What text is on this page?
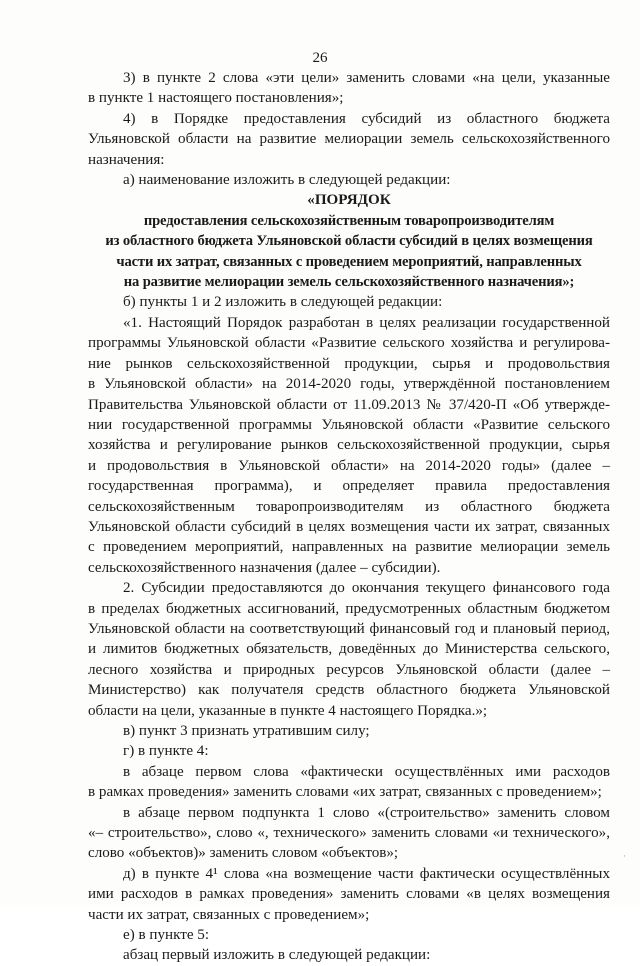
26
3) в пункте 2 слова «эти цели» заменить словами «на цели, указанные
в пункте 1 настоящего постановления»;
4) в Порядке предоставления субсидий из областного бюджета
Ульяновской области на развитие мелиорации земель сельскохозяйственного
назначения:
а) наименование изложить в следующей редакции:
«ПОРЯДОК
предоставления сельскохозяйственным товаропроизводителям
из областного бюджета Ульяновской области субсидий в целях возмещения
части их затрат, связанных с проведением мероприятий, направленных
на развитие мелиорации земель сельскохозяйственного назначения»;
б) пункты 1 и 2 изложить в следующей редакции:
«1. Настоящий Порядок разработан в целях реализации государственной
программы Ульяновской области «Развитие сельского хозяйства и регулирова-
ние рынков сельскохозяйственной продукции, сырья и продовольствия
в Ульяновской области» на 2014-2020 годы, утверждённой постановлением
Правительства Ульяновской области от 11.09.2013 № 37/420-П «Об утвержде-
нии государственной программы Ульяновской области «Развитие сельского
хозяйства и регулирование рынков сельскохозяйственной продукции, сырья
и продовольствия в Ульяновской области» на 2014-2020 годы» (далее –
государственная программа), и определяет правила предоставления
сельскохозяйственным товаропроизводителям из областного бюджета
Ульяновской области субсидий в целях возмещения части их затрат, связанных
с проведением мероприятий, направленных на развитие мелиорации земель
сельскохозяйственного назначения (далее – субсидии).
2. Субсидии предоставляются до окончания текущего финансового года
в пределах бюджетных ассигнований, предусмотренных областным бюджетом
Ульяновской области на соответствующий финансовый год и плановый период,
и лимитов бюджетных обязательств, доведённых до Министерства сельского,
лесного хозяйства и природных ресурсов Ульяновской области (далее –
Министерство) как получателя средств областного бюджета Ульяновской
области на цели, указанные в пункте 4 настоящего Порядка.»;
в) пункт 3 признать утратившим силу;
г) в пункте 4:
в абзаце первом слова «фактически осуществлённых ими расходов
в рамках проведения» заменить словами «их затрат, связанных с проведением»;
в абзаце первом подпункта 1 слово «(строительство» заменить словом
«– строительство», слово «, технического» заменить словами «и технического»,
слово «объектов)» заменить словом «объектов»;
д) в пункте 4¹ слова «на возмещение части фактически осуществлённых
ими расходов в рамках проведения» заменить словами «в целях возмещения
части их затрат, связанных с проведением»;
е) в пункте 5:
абзац первый изложить в следующей редакции:
·
